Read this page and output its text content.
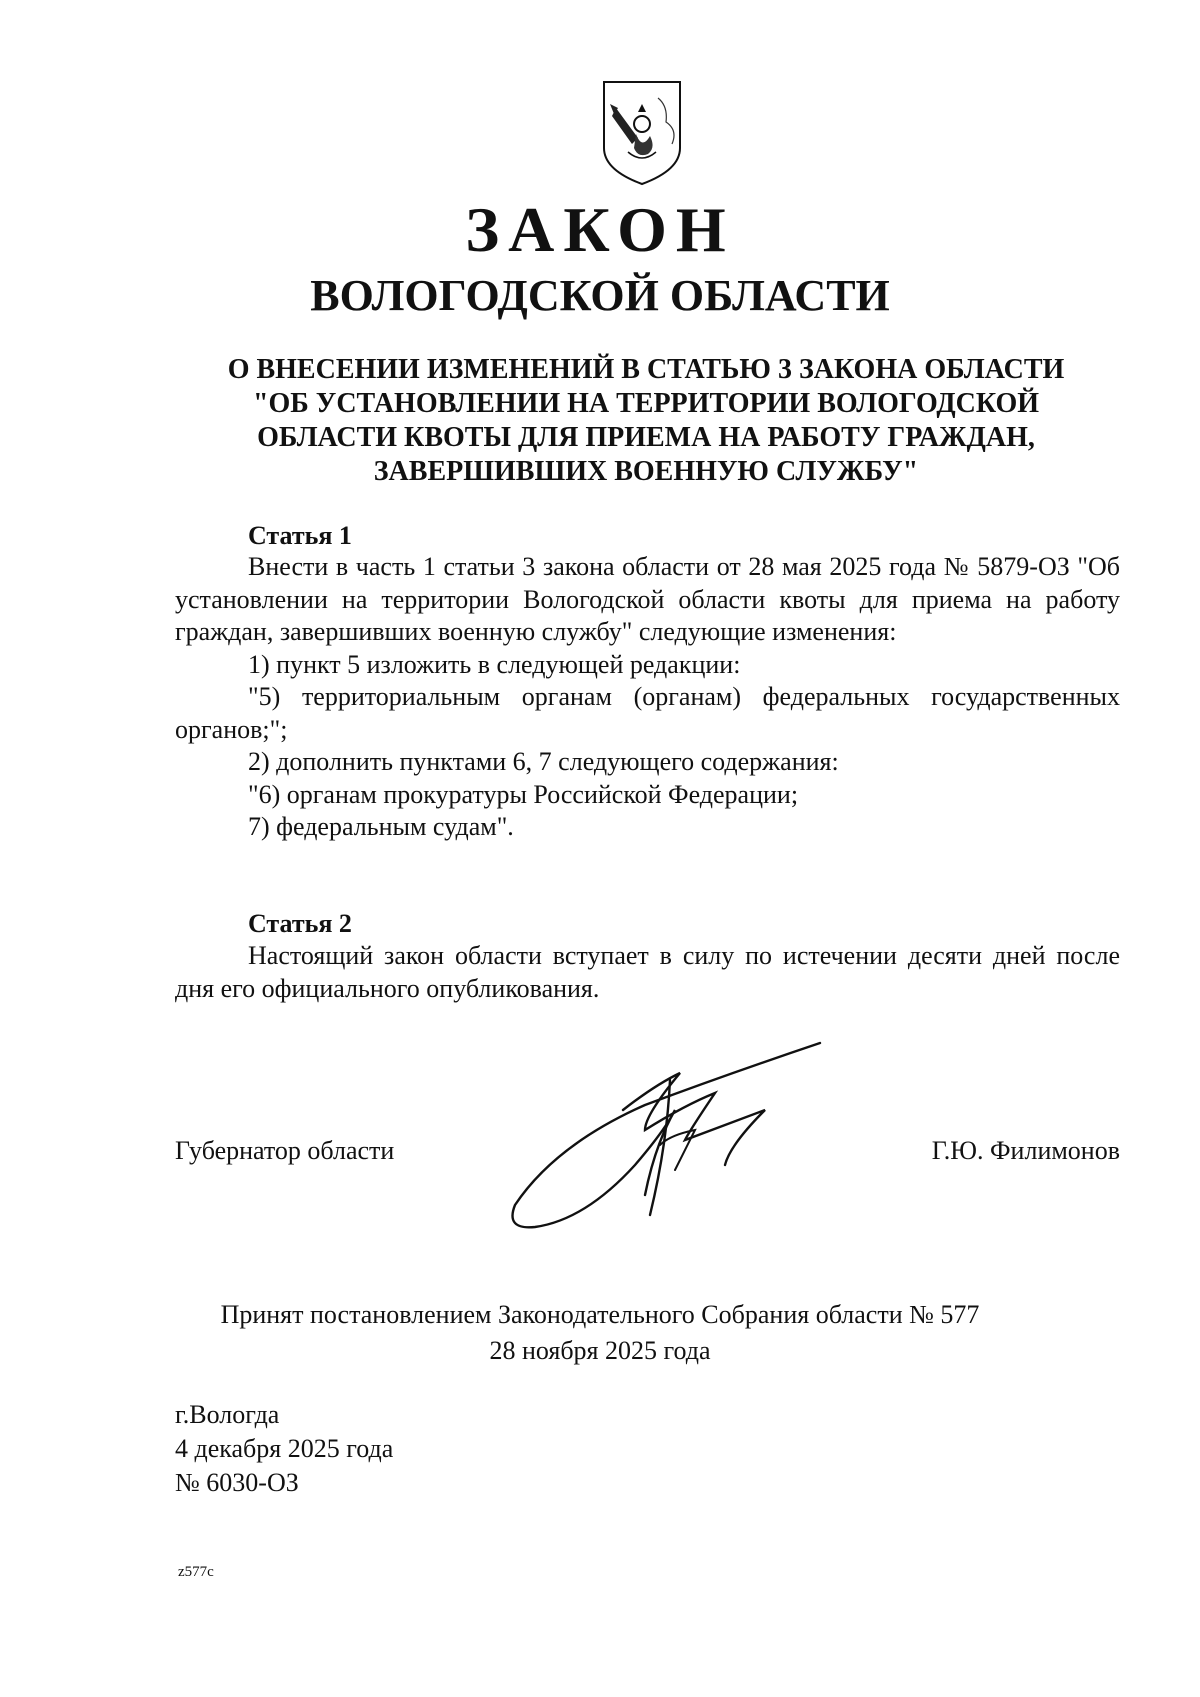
ЗАКОН
ВОЛОГОДСКОЙ ОБЛАСТИ
О ВНЕСЕНИИ ИЗМЕНЕНИЙ В СТАТЬЮ 3 ЗАКОНА ОБЛАСТИ
"ОБ УСТАНОВЛЕНИИ НА ТЕРРИТОРИИ ВОЛОГОДСКОЙ
ОБЛАСТИ КВОТЫ ДЛЯ ПРИЕМА НА РАБОТУ ГРАЖДАН,
ЗАВЕРШИВШИХ ВОЕННУЮ СЛУЖБУ"
Статья 1

Внести в часть 1 статьи 3 закона области от 28 мая 2025 года № 5879-ОЗ "Об установлении на территории Вологодской области квоты для приема на работу граждан, завершивших военную службу" следующие изменения:

1) пункт 5 изложить в следующей редакции:
"5) территориальным органам (органам) федеральных государственных
органов;";
2) дополнить пунктами 6, 7 следующего содержания:
"6) органам прокуратуры Российской Федерации;
7) федеральным судам".
Статья 2

Настоящий закон области вступает в силу по истечении десяти дней после дня его официального опубликования.

Губернатор области	Г.Ю. Филимонов
Принят постановлением Законодательного Собрания области № 577
28 ноября 2025 года
г.Вологда
4 декабря 2025 года
№ 6030-ОЗ
z577c
